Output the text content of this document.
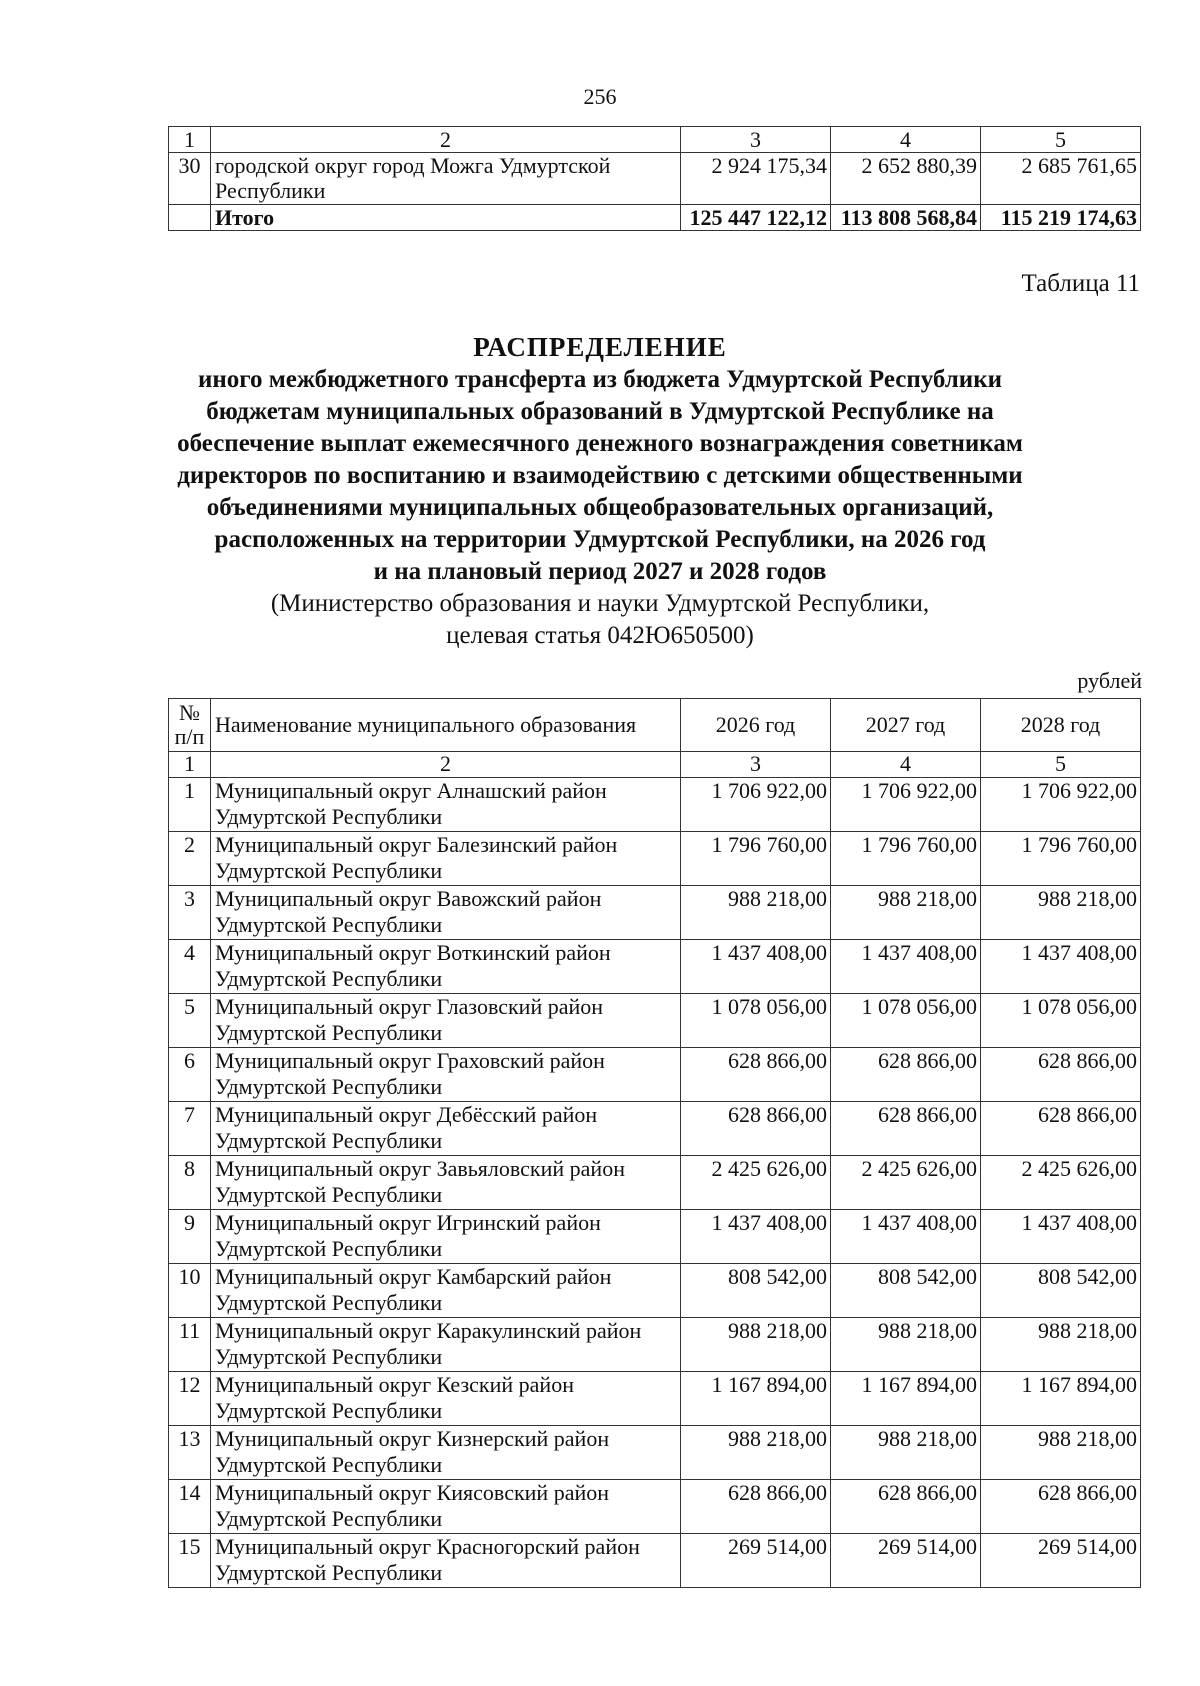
256
1	2	3	4	5
30	городской округ город Можга Удмуртской Республики	2 924 175,34	2 652 880,39	2 685 761,65
	Итого	125 447 122,12	113 808 568,84	115 219 174,63
Таблица 11

РАСПРЕДЕЛЕНИЕ

иного межбюджетного трансферта из бюджета Удмуртской Республики

бюджетам муниципальных образований в Удмуртской Республике на

обеспечение выплат ежемесячного денежного вознаграждения советникам

директоров по воспитанию и взаимодействию с детскими общественными

объединениями муниципальных общеобразовательных организаций,

расположенных на территории Удмуртской Республики, на 2026 год

и на плановый период 2027 и 2028 годов

(Министерство образования и науки Удмуртской Республики,

целевая статья 042Ю650500)

рублей
№ п/п	Наименование муниципального образования	2026 год	2027 год	2028 год
1	2	3	4	5
1	Муниципальный округ Алнашский район Удмуртской Республики	1 706 922,00	1 706 922,00	1 706 922,00
2	Муниципальный округ Балезинский район Удмуртской Республики	1 796 760,00	1 796 760,00	1 796 760,00
3	Муниципальный округ Вавожский район Удмуртской Республики	988 218,00	988 218,00	988 218,00
4	Муниципальный округ Воткинский район Удмуртской Республики	1 437 408,00	1 437 408,00	1 437 408,00
5	Муниципальный округ Глазовский район Удмуртской Республики	1 078 056,00	1 078 056,00	1 078 056,00
6	Муниципальный округ Граховский район Удмуртской Республики	628 866,00	628 866,00	628 866,00
7	Муниципальный округ Дебёсский район Удмуртской Республики	628 866,00	628 866,00	628 866,00
8	Муниципальный округ Завьяловский район Удмуртской Республики	2 425 626,00	2 425 626,00	2 425 626,00
9	Муниципальный округ Игринский район Удмуртской Республики	1 437 408,00	1 437 408,00	1 437 408,00
10	Муниципальный округ Камбарский район Удмуртской Республики	808 542,00	808 542,00	808 542,00
11	Муниципальный округ Каракулинский район Удмуртской Республики	988 218,00	988 218,00	988 218,00
12	Муниципальный округ Кезский район Удмуртской Республики	1 167 894,00	1 167 894,00	1 167 894,00
13	Муниципальный округ Кизнерский район Удмуртской Республики	988 218,00	988 218,00	988 218,00
14	Муниципальный округ Киясовский район Удмуртской Республики	628 866,00	628 866,00	628 866,00
15	Муниципальный округ Красногорский район Удмуртской Республики	269 514,00	269 514,00	269 514,00
